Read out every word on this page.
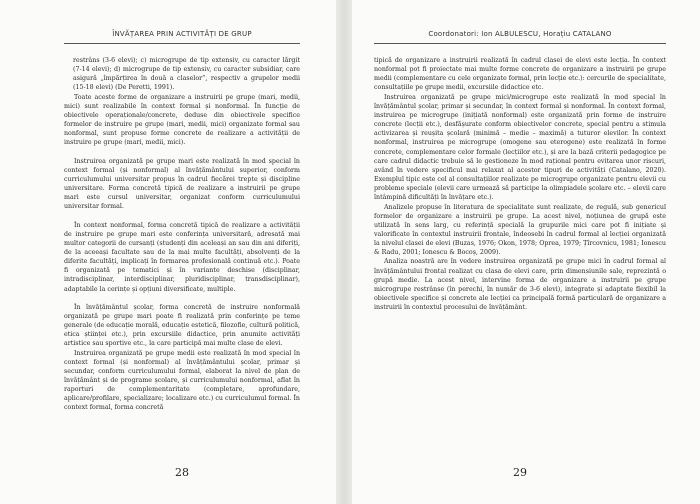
ÎNVĂȚAREA PRIN ACTIVITĂȚI DE GRUP

restrâns (3-6 elevi); c) microgrupe de tip extensiv, cu caracter lărgit (7-14 elevi); d) microgrupe de tip extensiv, cu caracter subsidiar, care asigură „împărțirea în două a claselor”, respectiv a grupelor medii (15-18 elevi) (De Peretti, 1991).

Toate aceste forme de organizare a instruirii pe grupe (mari, medii, mici) sunt realizabile în context formal și nonformal. În funcție de obiectivele operaționale/concrete, deduse din obiectivele specifice formelor de instruire pe grupe (mari, medii, mici) organizate formal sau nonformal, sunt propuse forme concrete de realizare a activității de instruire pe grupe (mari, medii, mici).

Instruirea organizată pe grupe mari este realizată în mod special în context formal (și nonformal) al învățământului superior, conform curriculumului universitar propus în cadrul fiecărei trepte și discipline universitare. Forma concretă tipică de realizare a instruirii pe grupe mari este cursul universitar, organizat conform curriculumului universitar formal.

În context nonformal, forma concretă tipică de realizare a activității de instruire pe grupe mari este conferința universitară, adresată mai multor categorii de cursanți (studenți din aceleași an sau din ani diferiți, de la aceeași facultate sau de la mai multe facultăți, absolvenți de la diferite facultăți, implicați în formarea profesională continuă etc.). Poate fi organizată pe tematici și în variante deschise (disciplinar, intradisciplinar, interdisciplinar, pluridisciplinar, transdisciplinar), adaptabile la cerințe și opțiuni diversificate, multiple.

În învățământul școlar, forma concretă de instruire nonformală organizată pe grupe mari poate fi realizată prin conferințe pe teme generale (de educație morală, educație estetică, filozofie, cultură politică, etica științei etc.), prin excursiile didactice, prin anumite activități artistice sau sportive etc., la care participă mai multe clase de elevi.

Instruirea organizată pe grupe medii este realizată în mod special în context formal (și nonformal) al învățământului școlar, primar și secundar, conform curriculumului formal, elaborat la nivel de plan de învățământ și de programe școlare, și curriculumului nonformal, aflat în raporturi de complementaritate (completare, aprofundare, aplicare/profilare, specializare; localizare etc.) cu curriculumul formal. În context formal, forma concretă

28
Coordonatori: Ion ALBULESCU, Horațiu CATALANO

tipică de organizare a instruirii realizată în cadrul clasei de elevi este lecția. În context nonformal pot fi proiectate mai multe forme concrete de organizare a instruirii pe grupe medii (complementare cu cele organizate formal, prin lecție etc.): cercurile de specialitate, consultațiile pe grupe medii, excursiile didactice etc.

Instruirea organizată pe grupe mici/microgrupe este realizată în mod special în învățământul școlar, primar și secundar, în context formal și nonformal. În context formal, instruirea pe microgrupe (inițiată nonformal) este organizată prin forme de instruire concrete (lecții etc.), desfășurate conform obiectivelor concrete, special pentru a stimula activizarea și reușita școlară (minimă – medie – maximă) a tuturor elevilor. În context nonformal, instruirea pe microgrupe (omogene sau eterogene) este realizată în forme concrete, complementare celor formale (lecțiilor etc.), și are la bază criterii pedagogice pe care cadrul didactic trebuie să le gestioneze în mod rațional pentru evitarea unor riscuri, având în vedere specificul mai relaxat al acestor tipuri de activități (Catalano, 2020). Exemplul tipic este cel al consultațiilor realizate pe microgrupe organizate pentru elevii cu probleme speciale (elevii care urmează să participe la olimpiadele școlare etc. – elevii care întâmpină dificultăți în învățare etc.).

Analizele propuse în literatura de specialitate sunt realizate, de regulă, sub genericul formelor de organizare a instruirii pe grupe. La acest nivel, noțiunea de grupă este utilizată în sens larg, cu referință specială la grupurile mici care pot fi inițiate și valorificate în contextul instruirii frontale, îndeosebi în cadrul formal al lecției organizată la nivelul clasei de elevi (Buzas, 1976; Okon, 1978; Oprea, 1979; Țîrcovnicu, 1981; Ionescu & Radu, 2001; Ionescu & Bocoș, 2009).

Analiza noastră are în vedere instruirea organizată pe grupe mici în cadrul formal al învățământului frontal realizat cu clasa de elevi care, prin dimensiunile sale, reprezintă o grupă medie. La acest nivel, intervine forma de organizare a instruirii pe grupe microgrupe restrânse (în perechi, în număr de 3-6 elevi), integrate și adaptate flexibil la obiectivele specifice și concrete ale lecției ca principală formă particulară de organizare a instruirii în contextul procesului de învățământ.

29
